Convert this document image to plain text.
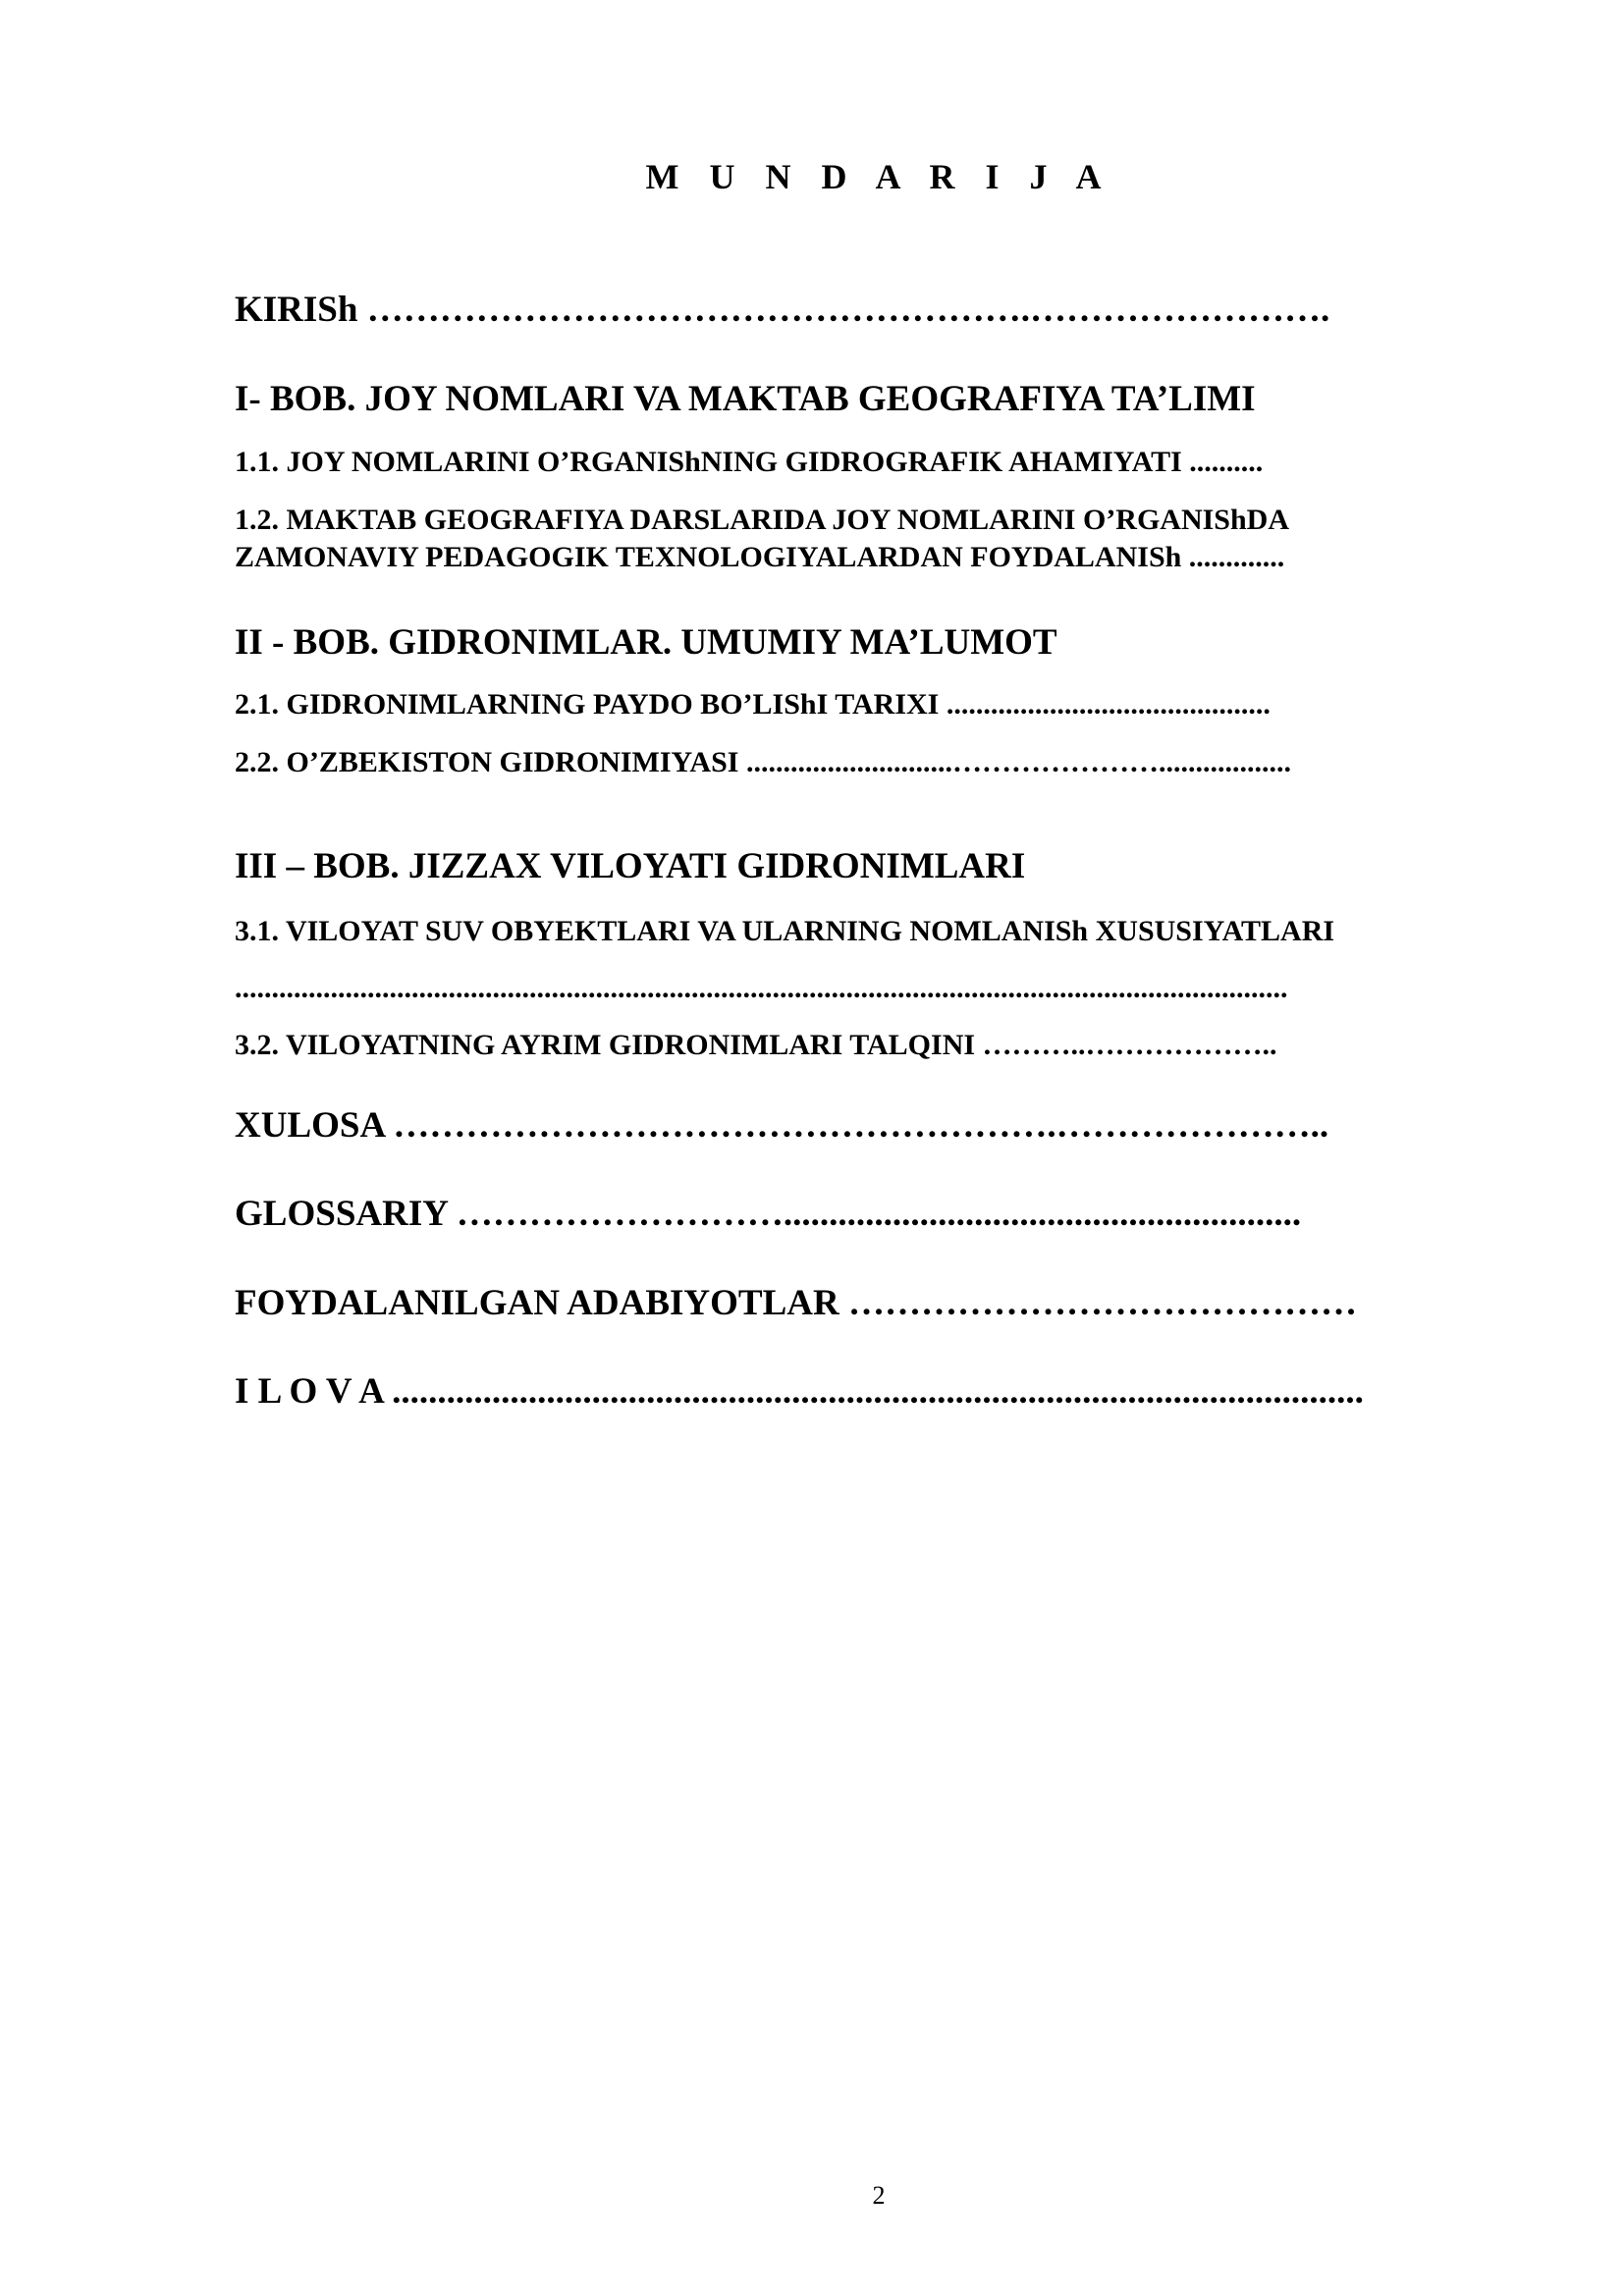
M U N D A R I J A
KIRISh ……………………………………………….…………………….
I- BOB. JOY NOMLARI VA MAKTAB GEOGRAFIYA TA’LIMI
1.1. JOY NOMLARINI O’RGANIShNING GIDROGRAFIK AHAMIYATI ..........
1.2. MAKTAB GEOGRAFIYA DARSLARIDA JOY NOMLARINI O’RGANIShDA
ZAMONAVIY PEDAGOGIK TEXNOLOGIYALARDAN FOYDALANISh .............
II - BOB. GIDRONIMLAR. UMUMIY MA’LUMOT
2.1. GIDRONIMLARNING PAYDO BO’LIShI TARIXI ............................................
2.2. O’ZBEKISTON GIDRONIMIYASI ............................…………………..................
III – BOB. JIZZAX VILOYATI GIDRONIMLARI
3.1. VILOYAT SUV OBYEKTLARI VA ULARNING NOMLANISh XUSUSIYATLARI
...............................................................................................................................................
3.2. VILOYATNING AYRIM GIDRONIMLARI TALQINI ………..………………..
XULOSA ……………………………………………….…………………..
GLOSSARIY ……………………….........................................................
FOYDALANILGAN ADABIYOTLAR ……………………………………
I L O V A ...........................................................................................................
2
